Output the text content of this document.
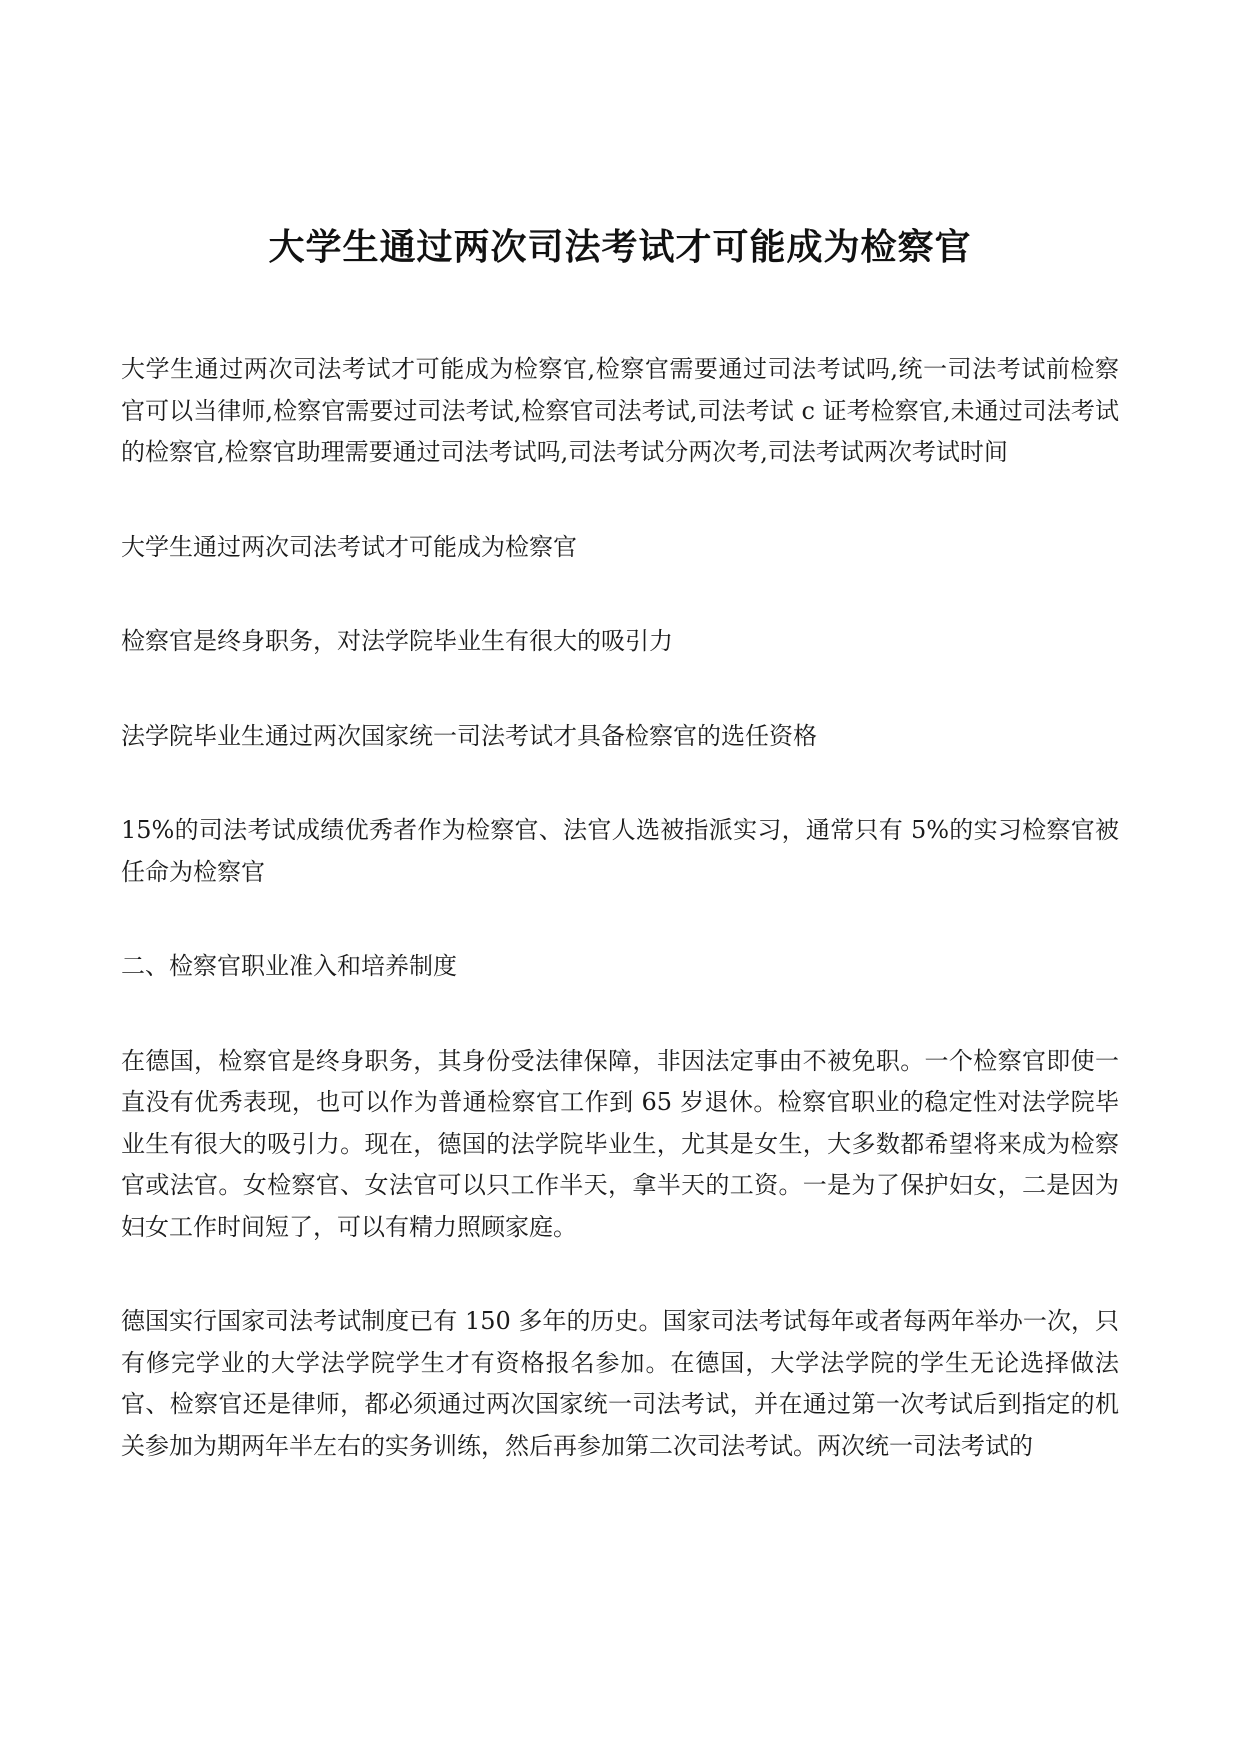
大学生通过两次司法考试才可能成为检察官

大学生通过两次司法考试才可能成为检察官,检察官需要通过司法考试吗,统一司法考试前检察官可以当律师,检察官需要过司法考试,检察官司法考试,司法考试 c 证考检察官,未通过司法考试的检察官,检察官助理需要通过司法考试吗,司法考试分两次考,司法考试两次考试时间

大学生通过两次司法考试才可能成为检察官

检察官是终身职务，对法学院毕业生有很大的吸引力

法学院毕业生通过两次国家统一司法考试才具备检察官的选任资格

15%的司法考试成绩优秀者作为检察官、法官人选被指派实习，通常只有 5%的实习检察官被任命为检察官

二、检察官职业准入和培养制度

在德国，检察官是终身职务，其身份受法律保障，非因法定事由不被免职。一个检察官即使一直没有优秀表现，也可以作为普通检察官工作到 65 岁退休。检察官职业的稳定性对法学院毕业生有很大的吸引力。现在，德国的法学院毕业生，尤其是女生，大多数都希望将来成为检察官或法官。女检察官、女法官可以只工作半天，拿半天的工资。一是为了保护妇女，二是因为妇女工作时间短了，可以有精力照顾家庭。

德国实行国家司法考试制度已有 150 多年的历史。国家司法考试每年或者每两年举办一次，只有修完学业的大学法学院学生才有资格报名参加。在德国，大学法学院的学生无论选择做法官、检察官还是律师，都必须通过两次国家统一司法考试，并在通过第一次考试后到指定的机关参加为期两年半左右的实务训练，然后再参加第二次司法考试。两次统一司法考试的
